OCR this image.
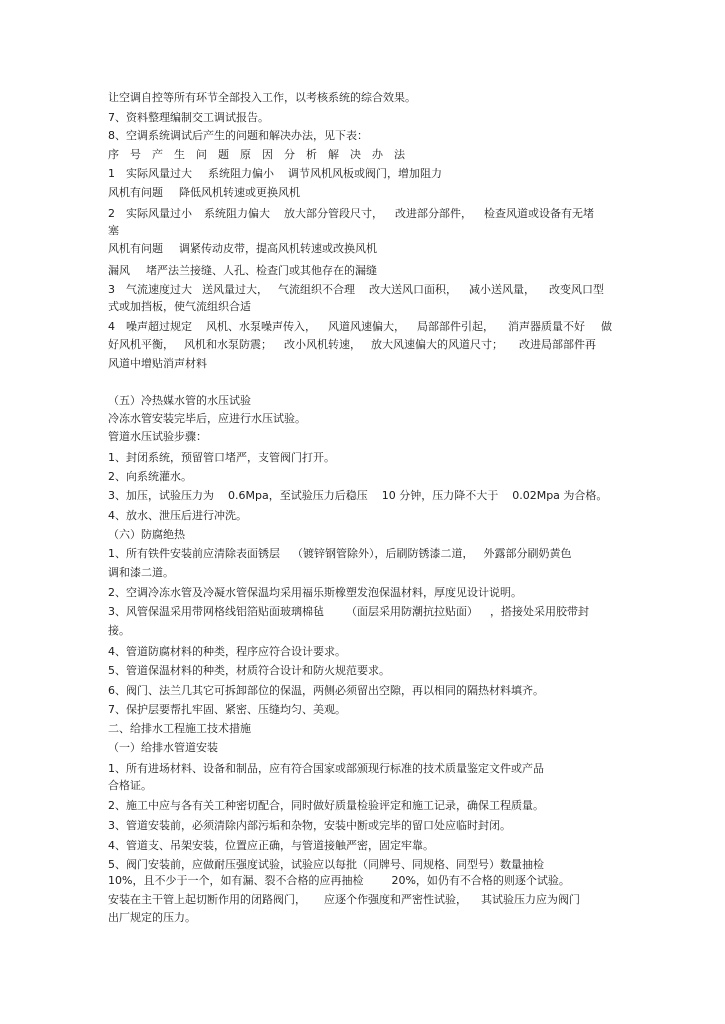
让空调自控等所有环节全部投入工作，以考核系统的综合效果。

7、资料整理编制交工调试报告。

8、空调系统调试后产生的问题和解决办法，见下表：

序　号　产　生　问　题　原　因　分　析　解　决　办　法

1　实际风量过大 系统阻力偏小 调节风机风板或阀门，增加阻力

风机有问题 降低风机转速或更换风机

2　实际风量过小 系统阻力偏大 放大部分管段尺寸， 改进部分部件， 检查风道或设备有无堵

塞

风机有问题 调紧传动皮带，提高风机转速或改换风机

漏风 堵严法兰接缝、人孔、检查门或其他存在的漏缝

3　气流速度过大 送风量过大， 气流组织不合理 改大送风口面积， 减小送风量， 改变风口型

式或加挡板，使气流组织合适

4　噪声超过规定 风机、水泵噪声传入， 风道风速偏大， 局部部件引起， 消声器质量不好 做

好风机平衡， 风机和水泵防震； 改小风机转速， 放大风速偏大的风道尺寸； 改进局部部件再

风道中增贴消声材料

（五）冷热媒水管的水压试验

冷冻水管安装完毕后，应进行水压试验。

管道水压试验步骤：

1、封闭系统，预留管口堵严，支管阀门打开。

2、向系统灌水。

3、加压，试验压力为 0.6Mpa，至试验压力后稳压 10 分钟，压力降不大于 0.02Mpa 为合格。

4、放水、泄压后进行冲洗。

（六）防腐绝热

1、所有铁件安装前应清除表面锈层 （镀锌钢管除外），后刷防锈漆二道， 外露部分刷奶黄色

调和漆二道。

2、空调冷冻水管及冷凝水管保温均采用福乐斯橡塑发泡保温材料，厚度见设计说明。

3、风管保温采用带网格线铝箔贴面玻璃棉毡 （面层采用防潮抗拉贴面） ，搭接处采用胶带封

接。

4、管道防腐材料的种类，程序应符合设计要求。

5、管道保温材料的种类，材质符合设计和防火规范要求。

6、阀门、法兰几其它可拆卸部位的保温，两侧必须留出空隙，再以相同的隔热材料填齐。

7、保护层要帮扎牢固、紧密、压缝均匀、美观。

二、给排水工程施工技术措施

（一）给排水管道安装

1、所有进场材料、设备和制品，应有符合国家或部颁现行标准的技术质量鉴定文件或产品

合格证。

2、施工中应与各有关工种密切配合，同时做好质量检验评定和施工记录，确保工程质量。

3、管道安装前，必须清除内部污垢和杂物，安装中断或完毕的留口处应临时封闭。

4、管道支、吊架安装，位置应正确，与管道接触严密，固定牢靠。

5、阀门安装前，应做耐压强度试验，试验应以每批（同牌号、同规格、同型号）数量抽检

10%，且不少于一个，如有漏、裂不合格的应再抽检	20%，如仍有不合格的则逐个试验。

安装在主干管上起切断作用的闭路阀门， 应逐个作强度和严密性试验， 其试验压力应为阀门

出厂规定的压力。
